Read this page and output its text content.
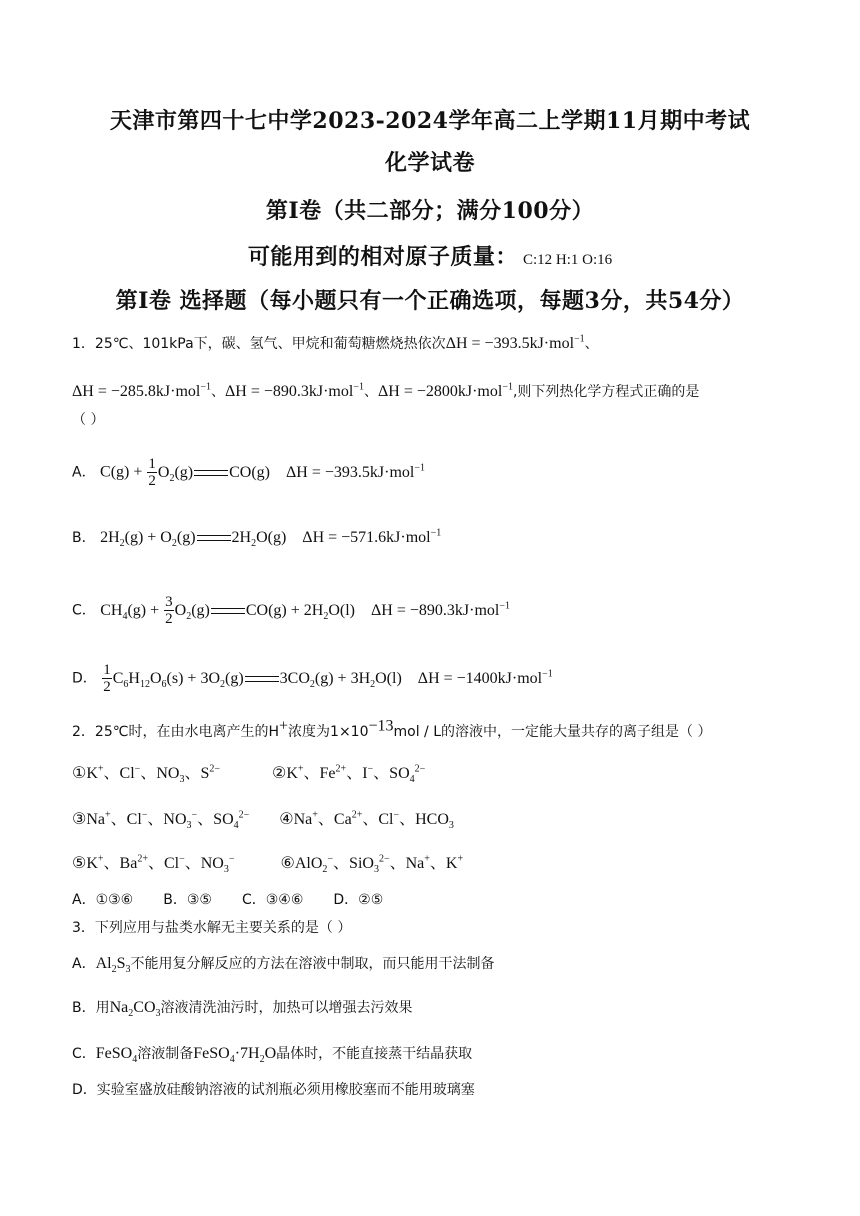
天津市第四十七中学2023-2024学年高二上学期11月期中考试
化学试卷
第Ⅰ卷（共二部分；满分100分）
可能用到的相对原子质量： C:12 H:1 O:16
第Ⅰ卷 选择题（每小题只有一个正确选项，每题3分，共54分）
1．25℃、101kPa下，碳、氢气、甲烷和葡萄糖燃烧热依次ΔH = −393.5kJ·mol$^{-1}$、
ΔH = −285.8kJ·mol$^{-1}$、ΔH = −890.3kJ·mol$^{-1}$、ΔH = −2800kJ·mol$^{-1}$,则下列热化学方程式正确的是
（ ）
A． $C(g) + \frac{1}{2} O_2(g)$ CO(g)    ΔH = −393.5kJ·mol$^{-1}$
B． $2H_2(g) + O_2(g)$ $2H_2O(g)$    ΔH = −571.6kJ·mol$^{-1}$
C． $CH_4(g) + \frac{3}{2} O_2(g) CO(g) + 2H_2O(l)$    ΔH = −890.3kJ·mol$^{-1}$
D． $\frac{1}{2} C_6H_{12}O_6(s) + 3O_2(g) 3CO_2(g) + 3H_2O(l)$    ΔH = −1400kJ·mol$^{-1}$
2．25℃时，在由水电离产生的H+浓度为$1\times 10^{-13}mol / L$的溶液中，一定能大量共存的离子组是（ ）
①K+、Cl−、$NO_3$、$S^{2-}$	②K+、$Fe^{2+}$、I−、$SO_4^{2-}$
③Na+、Cl−、$NO_3^-$、$SO_4^{2-}$ ④Na+、$Ca^{2+}$、Cl−、$HCO_3$
⑤K+、$Ba^{2+}$、Cl−、$NO_3^-$	⑥AlO$_2$−、SiO$_3^{2-}$、Na+、K+
A．①③⑥ B．③⑤ C．③④⑥ D．②⑤
3．下列应用与盐类水解无主要关系的是（ ）
A．$Al_2S_3$不能用复分解反应的方法在溶液中制取，而只能用干法制备
B．用$Na_2CO_3$溶液清洗油污时，加热可以增强去污效果
C．FeSO$_4$溶液制备$FeSO_4\cdot 7H_2O$晶体时，不能直接蒸干结晶获取
D．实验室盛放硅酸钠溶液的试剂瓶必须用橡胶塞而不能用玻璃塞
